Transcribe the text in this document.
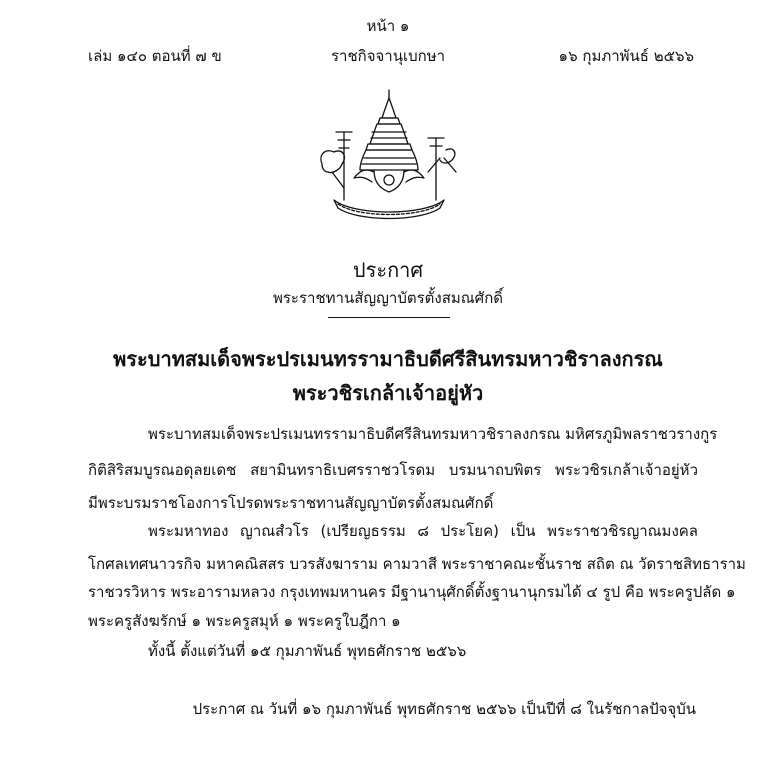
หน้า ๑
เล่ม ๑๔๐ ตอนที่ ๗ ข	ราชกิจจานุเบกษา	๑๖ กุมภาพันธ์ ๒๕๖๖
ประกาศ
พระราชทานสัญญาบัตรตั้งสมณศักดิ์
พระบาทสมเด็จพระปรเมนทรรามาธิบดีศรีสินทรมหาวชิราลงกรณ
พระวชิรเกล้าเจ้าอยู่หัว
พระบาทสมเด็จพระปรเมนทรรามาธิบดีศรีสินทรมหาวชิราลงกรณ มหิศรภูมิพลราชวรางกูร
กิติสิริสมบูรณอดุลยเดช สยามินทราธิเบศรราชวโรดม บรมนาถบพิตร พระวชิรเกล้าเจ้าอยู่หัว
มีพระบรมราชโองการโปรดพระราชทานสัญญาบัตรตั้งสมณศักดิ์
พระมหาทอง ญาณสํวโร (เปรียญธรรม ๘ ประโยค) เป็น พระราชวชิรญาณมงคล
โกศลเทศนาวรกิจ มหาคณิสสร บวรสังฆาราม คามวาสี พระราชาคณะชั้นราช สถิต ณ วัดราชสิทธาราม
ราชวรวิหาร พระอารามหลวง กรุงเทพมหานคร มีฐานานุศักดิ์ตั้งฐานานุกรมได้ ๔ รูป คือ พระครูปลัด ๑
พระครูสังฆรักษ์ ๑ พระครูสมุห์ ๑ พระครูใบฎีกา ๑
ทั้งนี้ ตั้งแต่วันที่ ๑๕ กุมภาพันธ์ พุทธศักราช ๒๕๖๖
ประกาศ ณ วันที่ ๑๖ กุมภาพันธ์ พุทธศักราช ๒๕๖๖ เป็นปีที่ ๘ ในรัชกาลปัจจุบัน
